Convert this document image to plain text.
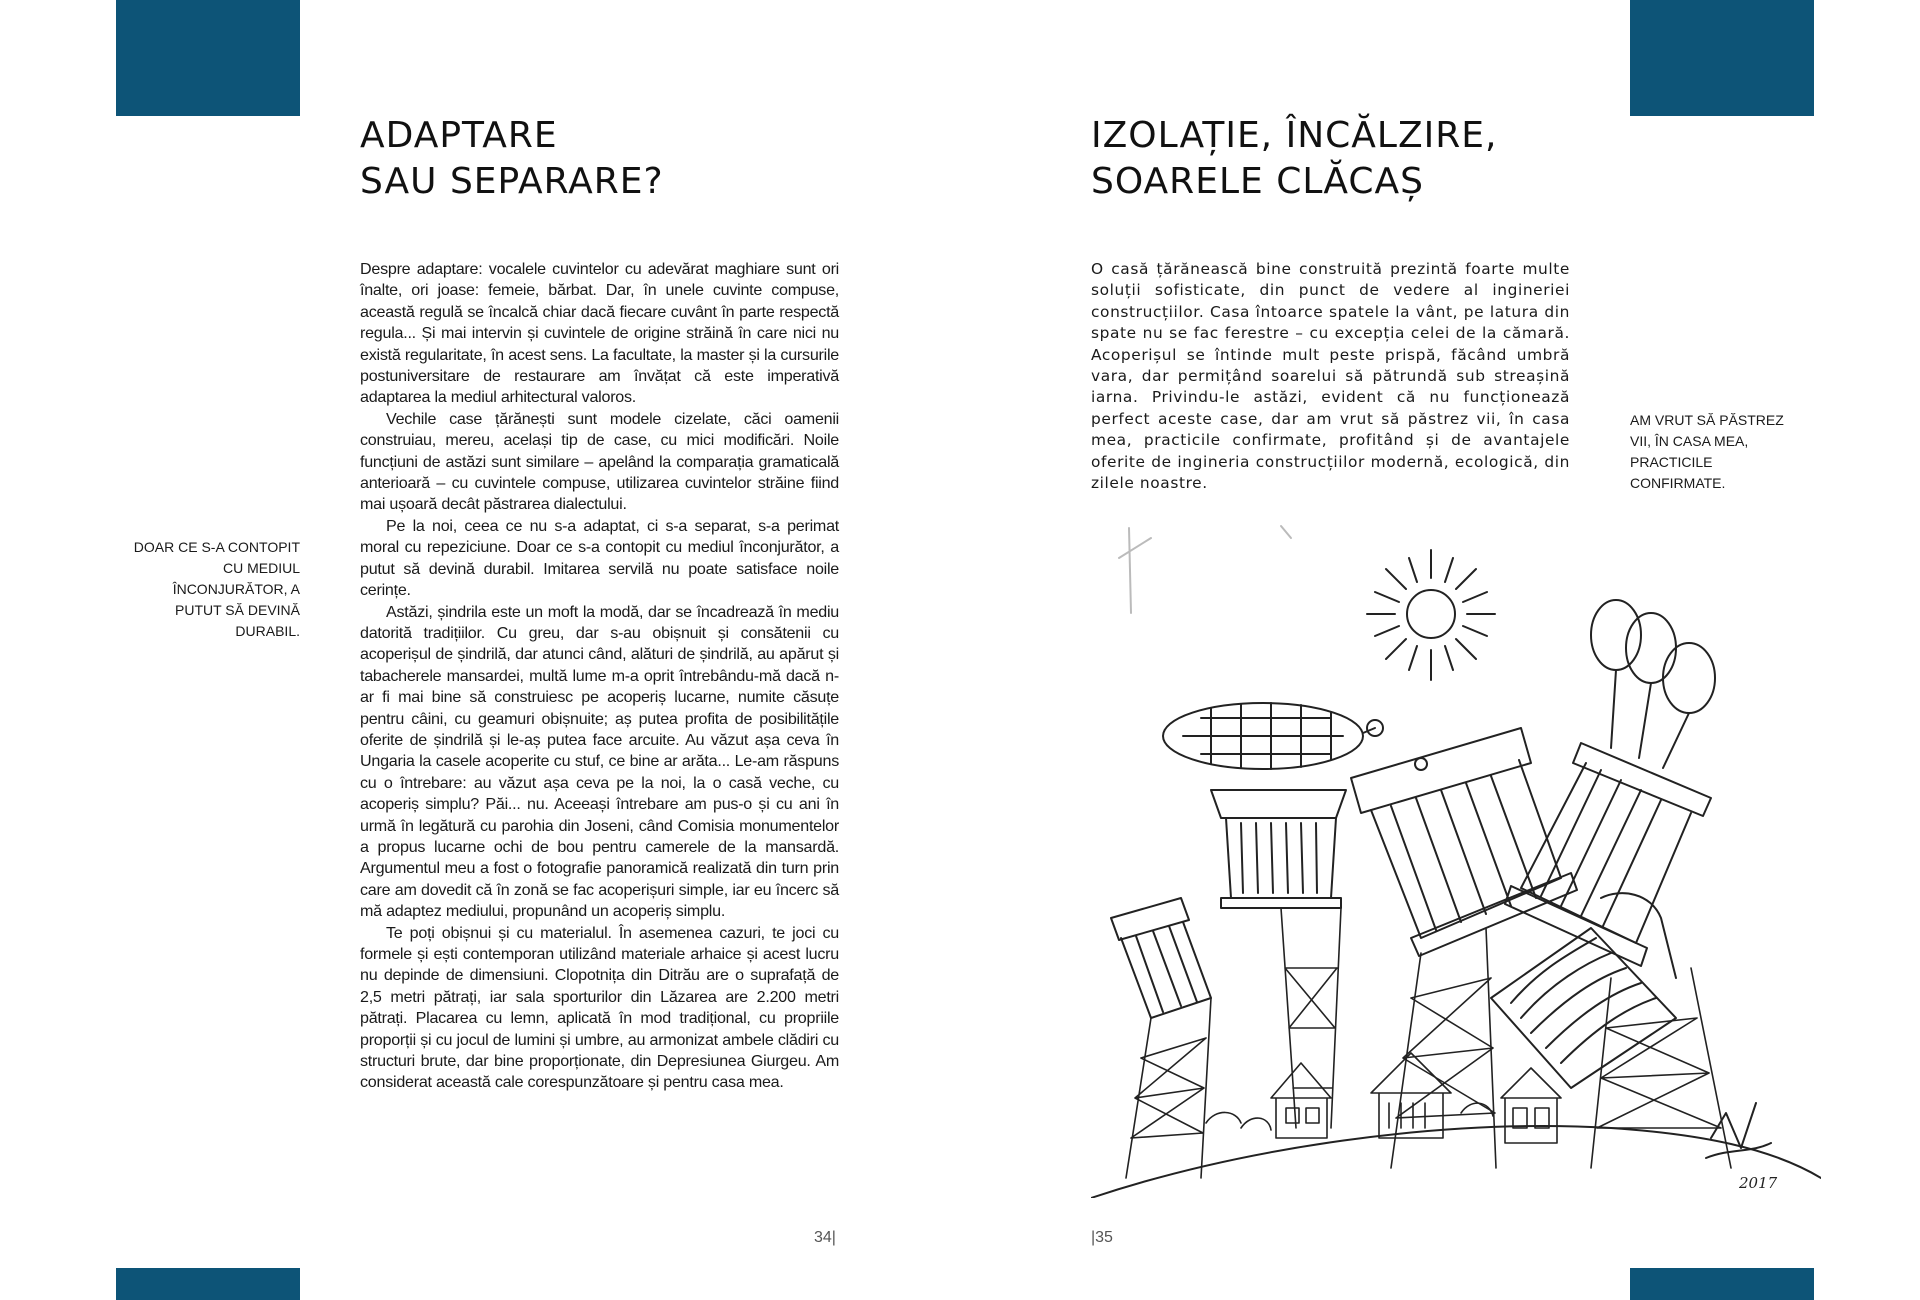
ADAPTARE
SAU SEPARARE?
IZOLAȚIE, ÎNCĂLZIRE,
SOARELE CLĂCAȘ
DOAR CE S-A CONTOPIT CU MEDIUL ÎNCONJURĂTOR, A PUTUT SĂ DEVINĂ DURABIL.

Despre adaptare: vocalele cuvintelor cu adevărat maghiare sunt ori înalte, ori joase: femeie, bărbat. Dar, în unele cuvinte compuse, această regulă se încalcă chiar dacă fiecare cuvânt în parte respectă regula... Și mai intervin și cuvintele de origine străină în care nici nu există regularitate, în acest sens. La facultate, la master și la cursurile postuniversitare de restaurare am învățat că este imperativă adaptarea la mediul arhitectural valoros.

Vechile case țărănești sunt modele cizelate, căci oamenii construiau, mereu, același tip de case, cu mici modificări. Noile funcțiuni de astăzi sunt similare – apelând la comparația gramaticală anterioară – cu cuvintele compuse, utilizarea cuvintelor străine fiind mai ușoară decât păstrarea dialectului.

Pe la noi, ceea ce nu s-a adaptat, ci s-a separat, s-a perimat moral cu repeziciune. Doar ce s-a contopit cu mediul înconjurător, a putut să devină durabil. Imitarea servilă nu poate satisface noile cerințe.

Astăzi, șindrila este un moft la modă, dar se încadrează în mediu datorită tradițiilor. Cu greu, dar s-au obișnuit și consătenii cu acoperișul de șindrilă, dar atunci când, alături de șindrilă, au apărut și tabacherele mansardei, multă lume m-a oprit întrebându-mă dacă n-ar fi mai bine să construiesc pe acoperiș lucarne, numite căsuțe pentru câini, cu geamuri obișnuite; aș putea profita de posibilitățile oferite de șindrilă și le-aș putea face arcuite. Au văzut așa ceva în Ungaria la casele acoperite cu stuf, ce bine ar arăta... Le-am răspuns cu o întrebare: au văzut așa ceva pe la noi, la o casă veche, cu acoperiș simplu? Păi... nu. Aceeași întrebare am pus-o și cu ani în urmă în legătură cu parohia din Joseni, când Comisia monumentelor a propus lucarne ochi de bou pentru camerele de la mansardă. Argumentul meu a fost o fotografie panoramică realizată din turn prin care am dovedit că în zonă se fac acoperișuri simple, iar eu încerc să mă adaptez mediului, propunând un acoperiș simplu.

Te poți obișnui și cu materialul. În asemenea cazuri, te joci cu formele și ești contemporan utilizând materiale arhaice și acest lucru nu depinde de dimensiuni. Clopotnița din Ditrău are o suprafață de 2,5 metri pătrați, iar sala sporturilor din Lăzarea are 2.200 metri pătrați. Placarea cu lemn, aplicată în mod tradițional, cu propriile proporții și cu jocul de lumini și umbre, au armonizat ambele clădiri cu structuri brute, dar bine proporționate, din Depresiunea Giurgeu. Am considerat această cale corespunzătoare și pentru casa mea.

O casă țărănească bine construită prezintă foarte multe soluții sofisticate, din punct de vedere al ingineriei construcțiilor. Casa întoarce spatele la vânt, pe latura din spate nu se fac ferestre – cu excepția celei de la cămară. Acoperișul se întinde mult peste prispă, făcând umbră vara, dar permițând soarelui să pătrundă sub streașină iarna. Privindu-le astăzi, evident că nu funcționează perfect aceste case, dar am vrut să păstrez vii, în casa mea, practicile confirmate, profitând și de avantajele oferite de ingineria construcțiilor modernă, ecologică, din zilele noastre.

AM VRUT SĂ PĂSTREZ VII, ÎN CASA MEA, PRACTICILE CONFIRMATE.
2017
34|	|35
